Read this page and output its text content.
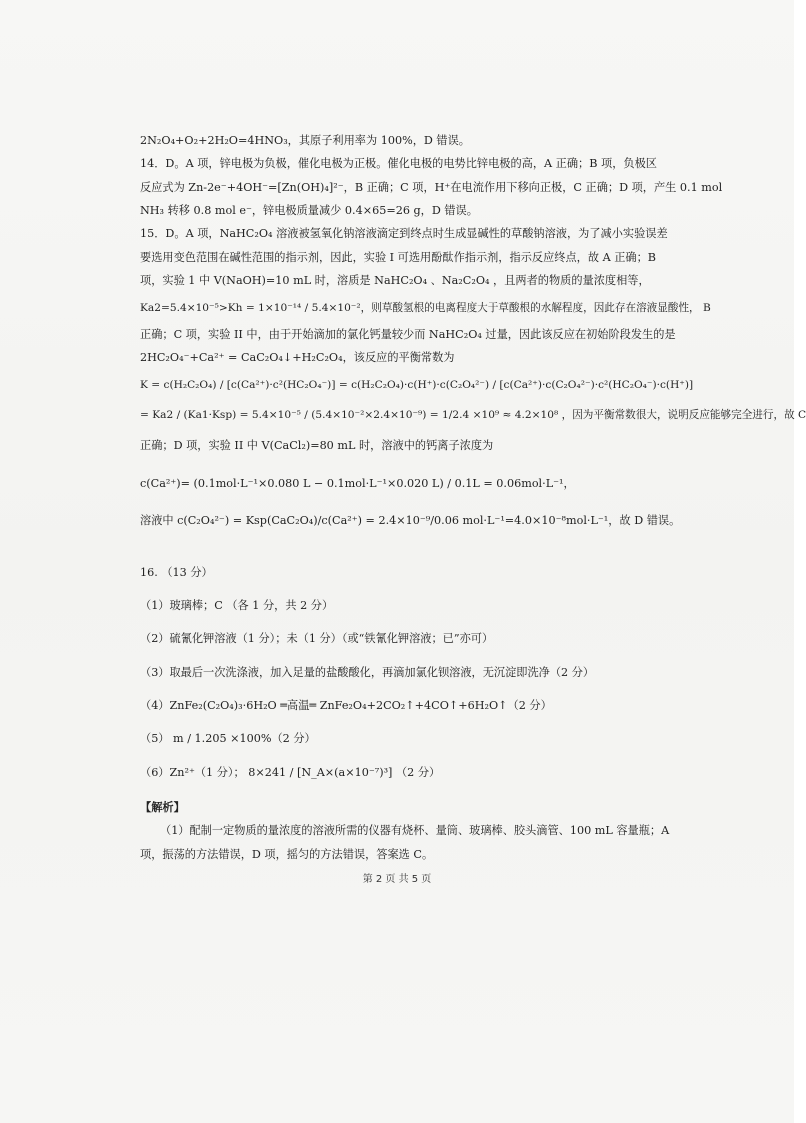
2N₂O₄+O₂+2H₂O=4HNO₃，其原子利用率为 100%，D 错误。

14．D。A 项，锌电极为负极，催化电极为正极。催化电极的电势比锌电极的高，A 正确；B 项，负极区

反应式为 Zn-2e⁻+4OH⁻=[Zn(OH)₄]²⁻，B 正确；C 项，H⁺在电流作用下移向正极，C 正确；D 项，产生 0.1 mol

NH₃ 转移 0.8 mol e⁻，锌电极质量减少 0.4×65=26 g，D 错误。

15．D。A 项，NaHC₂O₄ 溶液被氢氧化钠溶液滴定到终点时生成显碱性的草酸钠溶液，为了减小实验误差

要选用变色范围在碱性范围的指示剂，因此，实验 I 可选用酚酞作指示剂，指示反应终点，故 A 正确；B

项，实验 1 中 V(NaOH)=10 mL 时，溶质是 NaHC₂O₄ 、Na₂C₂O₄ ，且两者的物质的量浓度相等，

Ka2=5.4×10⁻⁵>Kh = 1×10⁻¹⁴ / 5.4×10⁻²，则草酸氢根的电离程度大于草酸根的水解程度，因此存在溶液显酸性， B

正确；C 项，实验 II 中，由于开始滴加的氯化钙量较少而 NaHC₂O₄ 过量，因此该反应在初始阶段发生的是

2HC₂O₄⁻+Ca²⁺ = CaC₂O₄↓+H₂C₂O₄，该反应的平衡常数为

K = c(H₂C₂O₄) / [c(Ca²⁺)·c²(HC₂O₄⁻)] = c(H₂C₂O₄)·c(H⁺)·c(C₂O₄²⁻) / [c(Ca²⁺)·c(C₂O₄²⁻)·c²(HC₂O₄⁻)·c(H⁺)]

= Ka2 / (Ka1·Ksp) = 5.4×10⁻⁵ / (5.4×10⁻²×2.4×10⁻⁹) = 1/2.4 ×10⁹ ≈ 4.2×10⁸ ，因为平衡常数很大，说明反应能够完全进行，故 C

正确；D 项，实验 II 中 V(CaCl₂)=80 mL 时，溶液中的钙离子浓度为

c(Ca²⁺)= (0.1mol·L⁻¹×0.080 L − 0.1mol·L⁻¹×0.020 L) / 0.1L = 0.06mol·L⁻¹，

溶液中 c(C₂O₄²⁻) = Ksp(CaC₂O₄)/c(Ca²⁺) = 2.4×10⁻⁹/0.06 mol·L⁻¹=4.0×10⁻⁸mol·L⁻¹，故 D 错误。

16. （13 分）

（1）玻璃棒；C （各 1 分，共 2 分）

（2）硫氰化钾溶液（1 分）；未（1 分）（或“铁氰化钾溶液；已”亦可）

（3）取最后一次洗涤液，加入足量的盐酸酸化，再滴加氯化钡溶液，无沉淀即洗净（2 分）

（4）ZnFe₂(C₂O₄)₃·6H₂O ═高温═ ZnFe₂O₄+2CO₂↑+4CO↑+6H₂O↑（2 分）

（5） m / 1.205 ×100%（2 分）

（6）Zn²⁺（1 分）； 8×241 / [N_A×(a×10⁻⁷)³] （2 分）

【解析】

（1）配制一定物质的量浓度的溶液所需的仪器有烧杯、量筒、玻璃棒、胶头滴管、100 mL 容量瓶；A

项，振荡的方法错误，D 项，摇匀的方法错误，答案选 C。

第 2 页 共 5 页
